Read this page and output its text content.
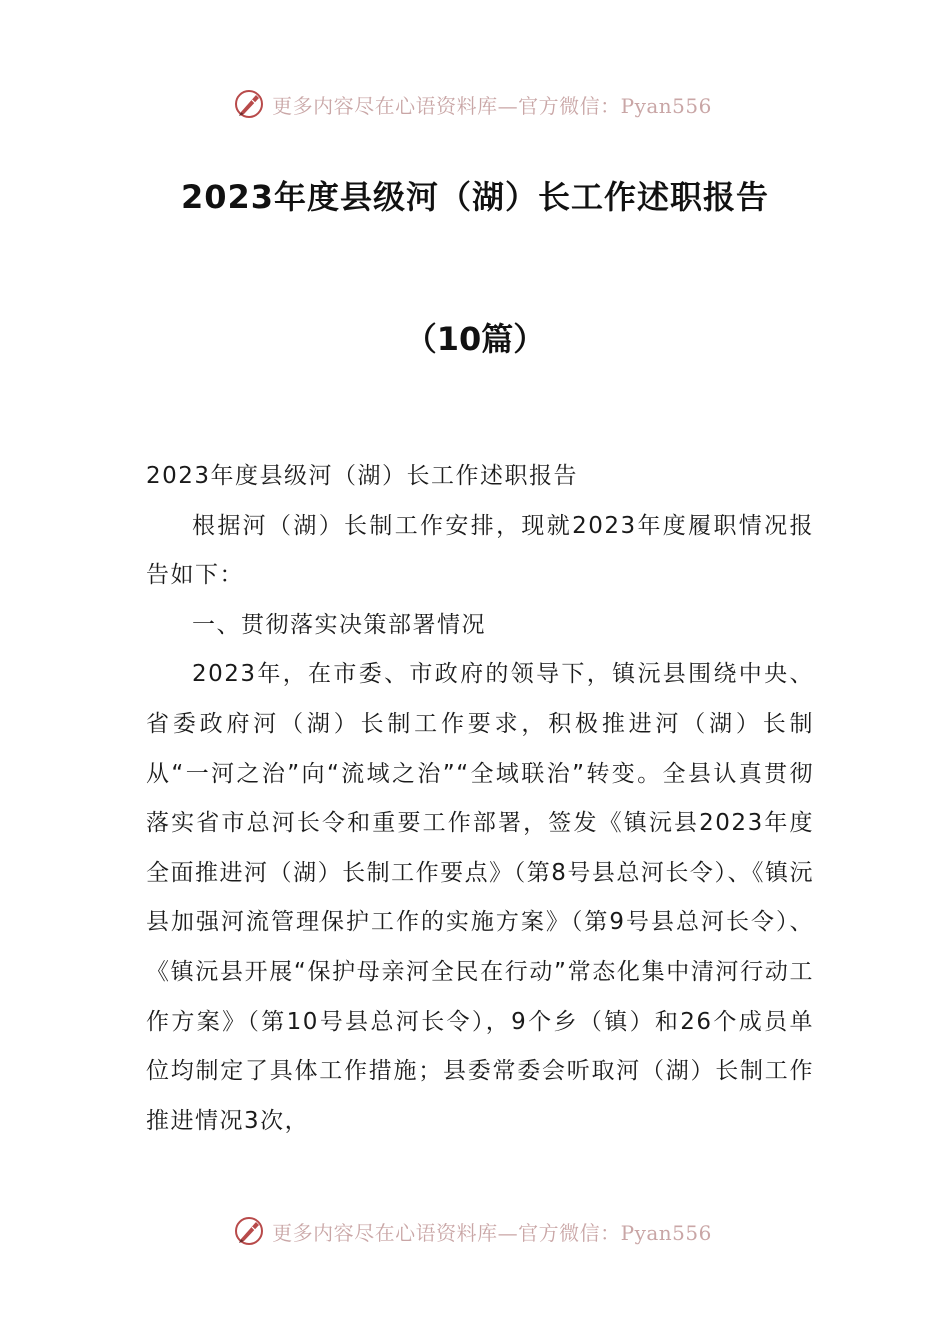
更多内容尽在心语资料库—官方微信：Pyan556
2023年度县级河（湖）长工作述职报告
（10篇）

2023年度县级河（湖）长工作述职报告

根据河（湖）长制工作安排，现就2023年度履职情况报告如下：

一、贯彻落实决策部署情况

2023年，在市委、市政府的领导下，镇沅县围绕中央、省委政府河（湖）长制工作要求，积极推进河（湖）长制从“一河之治”向“流域之治”“全域联治”转变。全县认真贯彻落实省市总河长令和重要工作部署，签发《镇沅县2023年度全面推进河（湖）长制工作要点》（第8号县总河长令）、《镇沅县加强河流管理保护工作的实施方案》（第9号县总河长令）、《镇沅县开展“保护母亲河全民在行动”常态化集中清河行动工作方案》（第10号县总河长令），9个乡（镇）和26个成员单位均制定了具体工作措施；县委常委会听取河（湖）长制工作推进情况3次，

更多内容尽在心语资料库—官方微信：Pyan556
